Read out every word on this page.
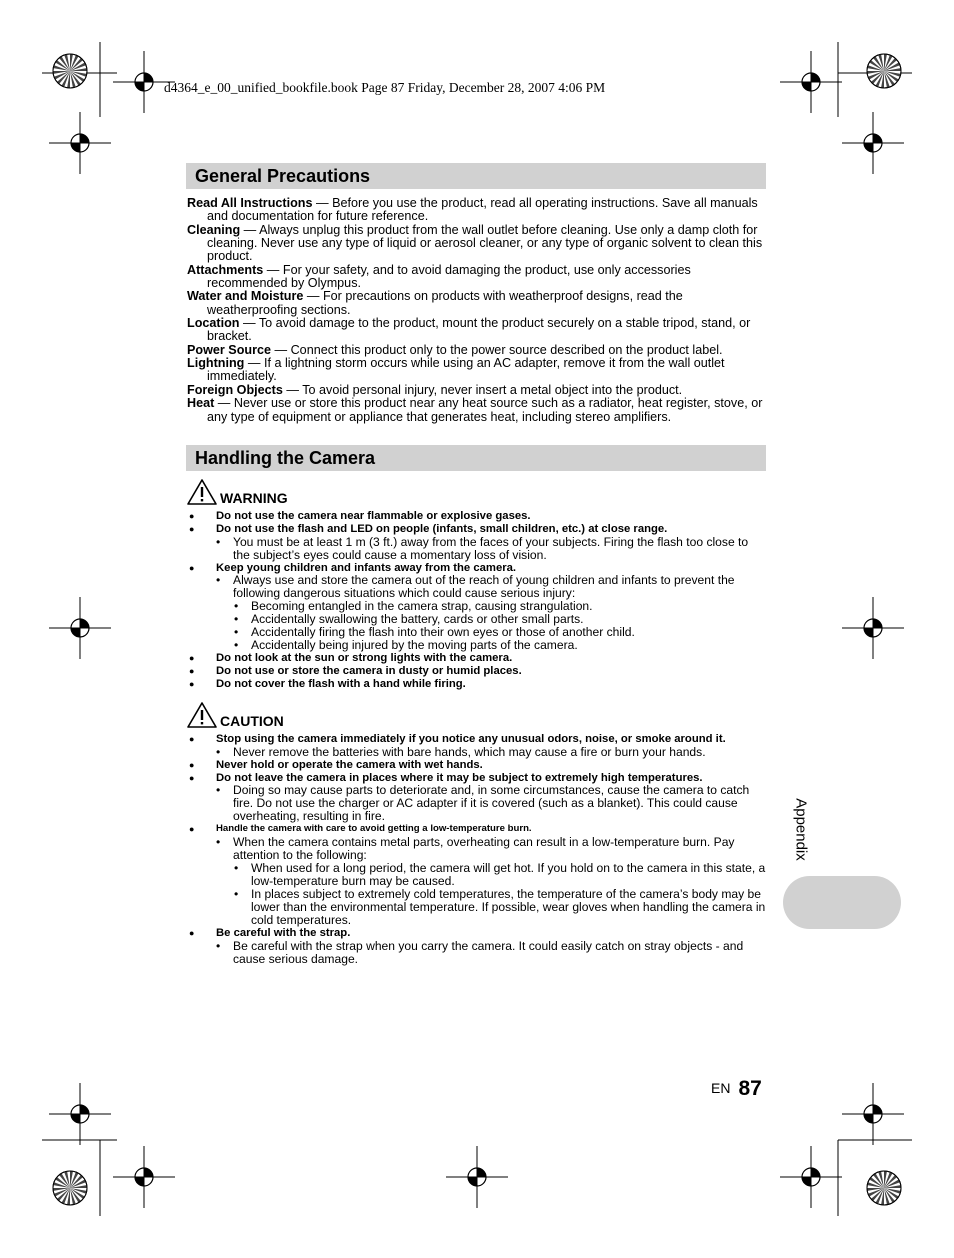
d4364_e_00_unified_bookfile.book Page 87 Friday, December 28, 2007 4:06 PM
General Precautions
Read All Instructions — Before you use the product, read all operating instructions. Save all manuals and documentation for future reference.
Cleaning — Always unplug this product from the wall outlet before cleaning. Use only a damp cloth for cleaning. Never use any type of liquid or aerosol cleaner, or any type of organic solvent to clean this product.
Attachments — For your safety, and to avoid damaging the product, use only accessories recommended by Olympus.
Water and Moisture — For precautions on products with weatherproof designs, read the weatherproofing sections.
Location — To avoid damage to the product, mount the product securely on a stable tripod, stand, or bracket.
Power Source — Connect this product only to the power source described on the product label.
Lightning — If a lightning storm occurs while using an AC adapter, remove it from the wall outlet immediately.
Foreign Objects — To avoid personal injury, never insert a metal object into the product.
Heat — Never use or store this product near any heat source such as a radiator, heat register, stove, or any type of equipment or appliance that generates heat, including stereo amplifiers.
Handling the Camera
WARNING
● Do not use the camera near flammable or explosive gases.
● Do not use the flash and LED on people (infants, small children, etc.) at close range.
• You must be at least 1 m (3 ft.) away from the faces of your subjects. Firing the flash too close to the subject’s eyes could cause a momentary loss of vision.
● Keep young children and infants away from the camera.
• Always use and store the camera out of the reach of young children and infants to prevent the following dangerous situations which could cause serious injury:
• Becoming entangled in the camera strap, causing strangulation.
• Accidentally swallowing the battery, cards or other small parts.
• Accidentally firing the flash into their own eyes or those of another child.
• Accidentally being injured by the moving parts of the camera.
● Do not look at the sun or strong lights with the camera.
● Do not use or store the camera in dusty or humid places.
● Do not cover the flash with a hand while firing.
CAUTION
● Stop using the camera immediately if you notice any unusual odors, noise, or smoke around it.
• Never remove the batteries with bare hands, which may cause a fire or burn your hands.
● Never hold or operate the camera with wet hands.
● Do not leave the camera in places where it may be subject to extremely high temperatures.
• Doing so may cause parts to deteriorate and, in some circumstances, cause the camera to catch fire. Do not use the charger or AC adapter if it is covered (such as a blanket). This could cause overheating, resulting in fire.
● Handle the camera with care to avoid getting a low-temperature burn.
• When the camera contains metal parts, overheating can result in a low-temperature burn. Pay attention to the following:
• When used for a long period, the camera will get hot. If you hold on to the camera in this state, a low-temperature burn may be caused.
• In places subject to extremely cold temperatures, the temperature of the camera’s body may be lower than the environmental temperature. If possible, wear gloves when handling the camera in cold temperatures.
● Be careful with the strap.
• Be careful with the strap when you carry the camera. It could easily catch on stray objects - and cause serious damage.
Appendix
EN 87
